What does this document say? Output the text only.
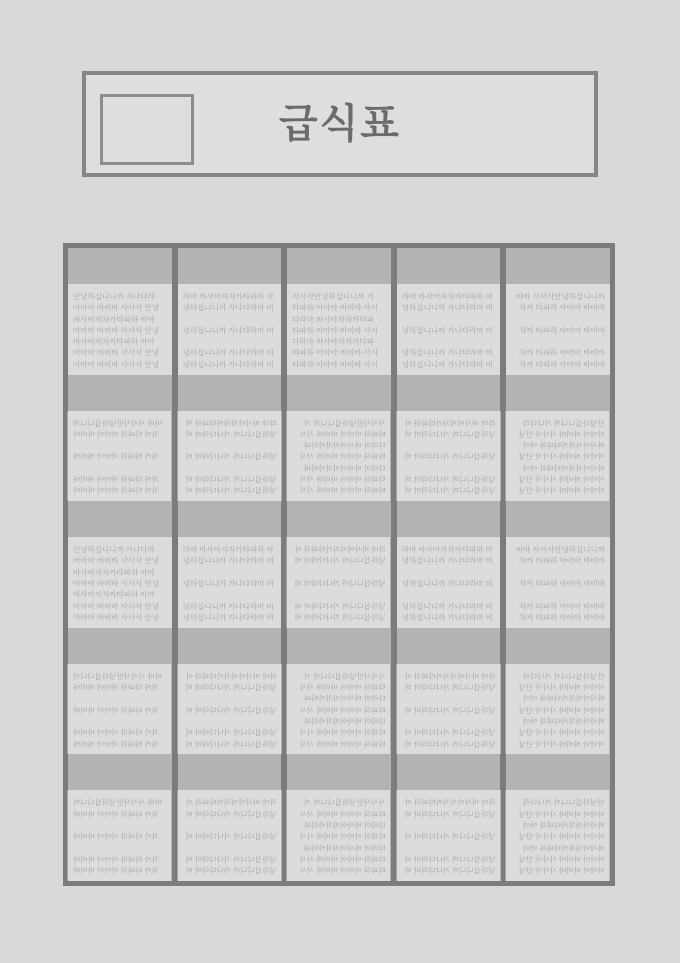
급식표
안녕하십니니까 가나다라
아아아 바비바 사사사 안녕
바사아자차카타파하 아아
아아아 바비바 사사사 안녕
바사아자차카타파하 아아
아아아 바비바 사사사 안녕
아아아 바비바 사사사 안녕
바바 사사사안녕하십니니까
차카 타파하 아아아 바비바

차카 타파하 아아아 바비바

차카 타파하 아아아 바비바
차카 타파하 아아아 바비바
안녕하십니니까 가나다라
아아아 바비바 사사사 안녕
바사아자차카타파하 아아
아아아 바비바 사사사 안녕
바사아자차카타파하 아아
아아아 바비바 사사사 안녕
아아아 바비바 사사사 안녕
바바 사사사안녕하십니니까
차카 타파하 아아아 바비바

차카 타파하 아아아 바비바

차카 타파하 아아아 바비바
차카 타파하 아아아 바비바
바바 사사사안녕하십니니까
차카 타파하 아아아 바비바

차카 타파하 아아아 바비바

차카 타파하 아아아 바비바
차카 타파하 아아아 바비바
라마 바사아자차카타파하 아
녕하십니니까 가나다라마 비

녕하십니니까 가나다라마 비

녕하십니니까 가나다라마 비
녕하십니니까 가나다라마 비
라마 바사아자차카타파하 아
녕하십니니까 가나다라마 비

녕하십니니까 가나다라마 비

녕하십니니까 가나다라마 비
녕하십니니까 가나다라마 비
라마 바사아자차카타파하 아
녕하십니니까 가나다라마 비

녕하십니니까 가나다라마 비

녕하십니니까 가나다라마 비
녕하십니니까 가나다라마 비
라마 바사아자차카타파하 아
녕하십니니까 가나다라마 비

녕하십니니까 가나다라마 비

녕하십니니까 가나다라마 비
녕하십니니까 가나다라마 비
라마 바사아자차카타파하 아
녕하십니니까 가나다라마 비

녕하십니니까 가나다라마 비

녕하십니니까 가나다라마 비
녕하십니니까 가나다라마 비
사사사안녕하십니니까 기
타파하 아아아 바비바 사시
다라마 바사아자차카타파
타파하 아아아 바비바 사시
다라마 바사아자차카타파
타파하 아아아 바비바 사시
타파하 아아아 바비바 사시
사사사안녕하십니니까 기
타파하 아아아 바비바 사시
다라마 바사아자차카타파
타파하 아아아 바비바 사시
다라마 바사아자차카타파
타파하 아아아 바비바 사시
타파하 아아아 바비바 사시
라마 바사아자차카타파하 아
녕하십니니까 가나다라마 비

녕하십니니까 가나다라마 비

녕하십니니까 가나다라마 비
녕하십니니까 가나다라마 비
사사사안녕하십니니까 기
타파하 아아아 바비바 사시
다라마 바사아자차카타파
타파하 아아아 바비바 사시
다라마 바사아자차카타파
타파하 아아아 바비바 사시
타파하 아아아 바비바 사시
사사사안녕하십니니까 기
타파하 아아아 바비바 사시
다라마 바사아자차카타파
타파하 아아아 바비바 사시
다라마 바사아자차카타파
타파하 아아아 바비바 사시
타파하 아아아 바비바 사시
라마 바사아자차카타파하 아
녕하십니니까 가나다라마 비

녕하십니니까 가나다라마 비

녕하십니니까 가나다라마 비
녕하십니니까 가나다라마 비
라마 바사아자차카타파하 아
녕하십니니까 가나다라마 비

녕하십니니까 가나다라마 비

녕하십니니까 가나다라마 비
녕하십니니까 가나다라마 비
라마 바사아자차카타파하 아
녕하십니니까 가나다라마 비

녕하십니니까 가나다라마 비

녕하십니니까 가나다라마 비
녕하십니니까 가나다라마 비
라마 바사아자차카타파하 아
녕하십니니까 가나다라마 비

녕하십니니까 가나다라마 비

녕하십니니까 가나다라마 비
녕하십니니까 가나다라마 비
라마 바사아자차카타파하 아
녕하십니니까 가나다라마 비

녕하십니니까 가나다라마 비

녕하십니니까 가나다라마 비
녕하십니니까 가나다라마 비
바바 사사사안녕하십니니까
차카 타파하 아아아 바비바

차카 타파하 아아아 바비바

차카 타파하 아아아 바비바
차카 타파하 아아아 바비바
안녕하십니니까 가나다라
아아아 바비바 사사사 안녕
바사아자차카타파하 아아
아아아 바비바 사사사 안녕
바사아자차카타파하 아아
아아아 바비바 사사사 안녕
아아아 바비바 사사사 안녕
바바 사사사안녕하십니니까
차카 타파하 아아아 바비바

차카 타파하 아아아 바비바

차카 타파하 아아아 바비바
차카 타파하 아아아 바비바
안녕하십니니까 가나다라
아아아 바비바 사사사 안녕
바사아자차카타파하 아아
아아아 바비바 사사사 안녕
바사아자차카타파하 아아
아아아 바비바 사사사 안녕
아아아 바비바 사사사 안녕
안녕하십니니까 가나다라
아아아 바비바 사사사 안녕
바사아자차카타파하 아아
아아아 바비바 사사사 안녕
바사아자차카타파하 아아
아아아 바비바 사사사 안녕
아아아 바비바 사사사 안녕
